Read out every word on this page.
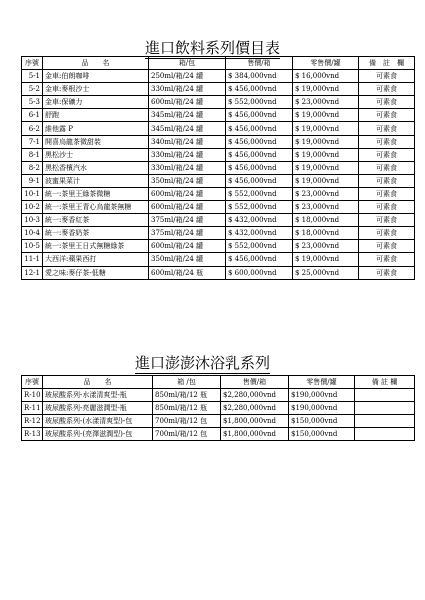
進口飲料系列價目表
序號	品　　名	箱/包	售價/箱	零售價/罐	備　註　欄
5-1	金車:伯朗咖啡	250ml/箱/24 罐	$ 384,000vnd	$ 16,000vnd	可素食
5-2	金車:麥根沙士	330ml/箱/24 罐	$ 456,000vnd	$ 19,000vnd	可素食
5-3	金車:保礦力	600ml/箱/24 罐	$ 552,000vnd	$ 23,000vnd	可素食
6-1	舒跑	345ml/箱/24 罐	$ 456,000vnd	$ 19,000vnd	可素食
6-2	維他露 P	345ml/箱/24 罐	$ 456,000vnd	$ 19,000vnd	可素食
7-1	開喜烏龍茶微甜裝	340ml/箱/24 罐	$ 456,000vnd	$ 19,000vnd	可素食
8-1	黑松沙士	330ml/箱/24 罐	$ 456,000vnd	$ 19,000vnd	可素食
8-2	黑松香檳汽水	330ml/箱/24 罐	$ 456,000vnd	$ 19,000vnd	可素食
9-1	波蜜果菜汁	350ml/箱/24 罐	$ 456,000vnd	$ 19,000vnd	可素食
10-1	統一:茶里王綠茶微糖	600ml/箱/24 罐	$ 552,000vnd	$ 23,000vnd	可素食
10-2	統一:茶里王青心烏龍茶無糖	600ml/箱/24 罐	$ 552,000vnd	$ 23,000vnd	可素食
10-3	統一:麥香紅茶	375ml/箱/24 罐	$ 432,000vnd	$ 18,000vnd	可素食
10-4	統一:麥香奶茶	375ml/箱/24 罐	$ 432,000vnd	$ 18,000vnd	可素食
10-5	統一:茶里王日式無糖綠茶	600ml/箱/24 罐	$ 552,000vnd	$ 23,000vnd	可素食
11-1	大西洋:蘋果西打	350ml/箱/24 罐	$ 456,000vnd	$ 19,000vnd	可素食
12-1	愛之味:麥仔茶-低糖	600ml/箱/24 瓶	$ 600,000vnd	$ 25,000vnd	可素食
進口澎澎沐浴乳系列
序號	品　　名	箱 /包	售價/箱	零售價/罐	備 註 欄
R-10	玻尿酸系列-水漾清爽型-瓶	850ml/箱/12 瓶	$2,280,000vnd	$190,000vnd	
R-11	玻尿酸系列-亮麗滋潤型-瓶	850ml/箱/12 瓶	$2,280,000vnd	$190,000vnd	
R-12	玻尿酸系列-(水漾清爽型)-包	700ml/箱/12 包	$1,800,000vnd	$150,000vnd	
R-13	玻尿酸系列-(亮澤滋潤型)-包	700ml/箱/12 包	$1,800,000vnd	$150,000vnd	
